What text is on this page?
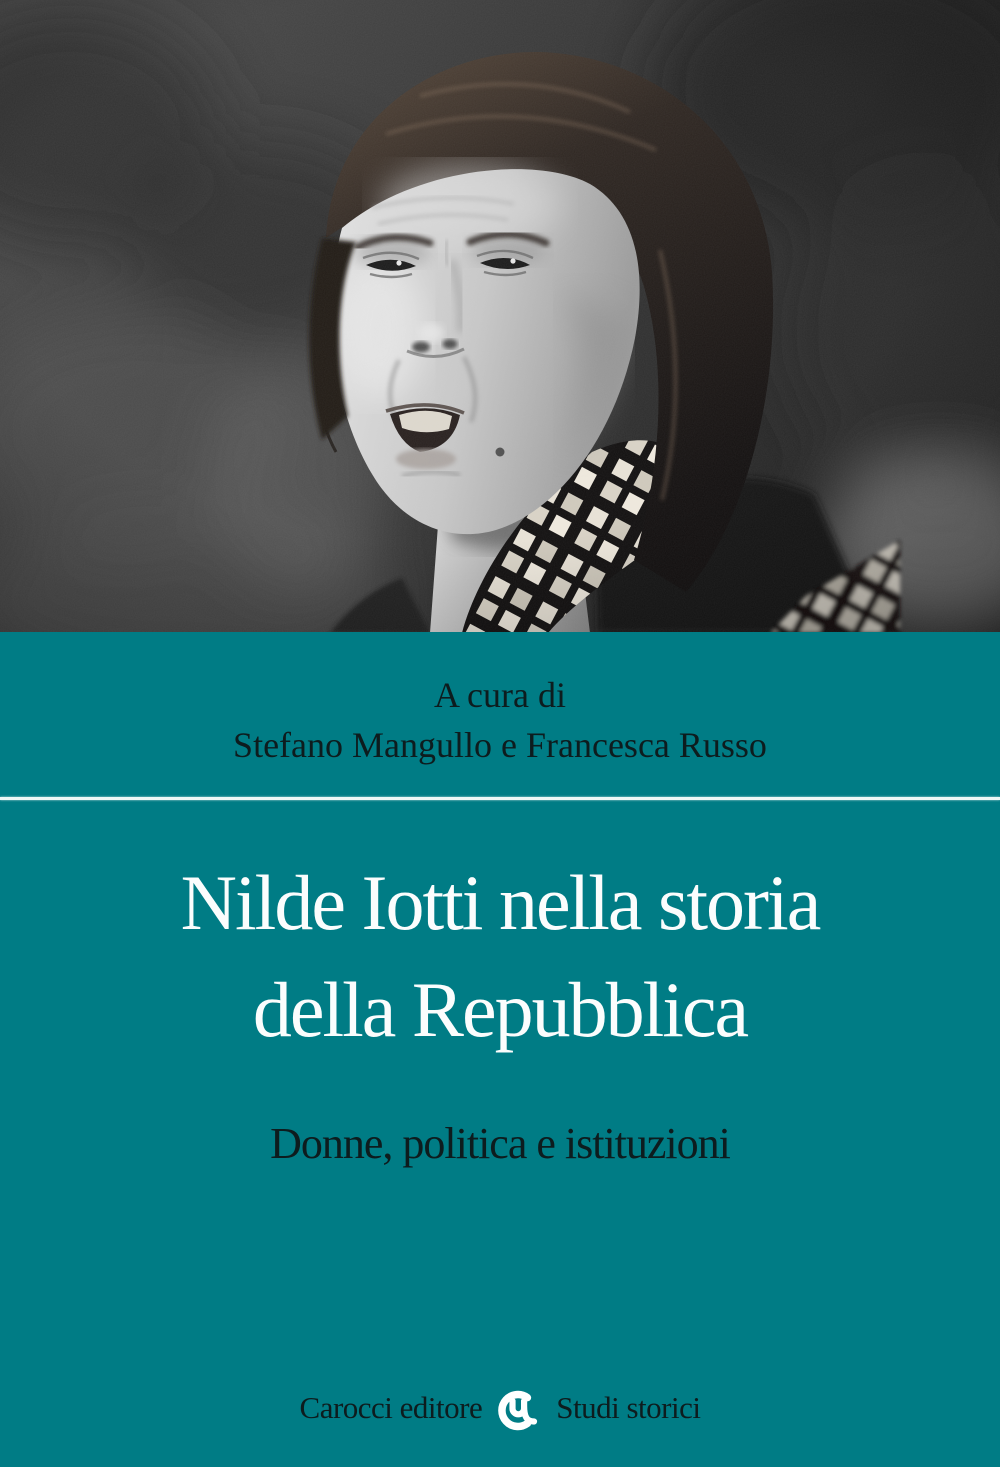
A cura di
Stefano Mangullo e Francesca Russo
Nilde Iotti nella storia
della Repubblica
Donne, politica e istituzioni
Carocci editore Studi storici
